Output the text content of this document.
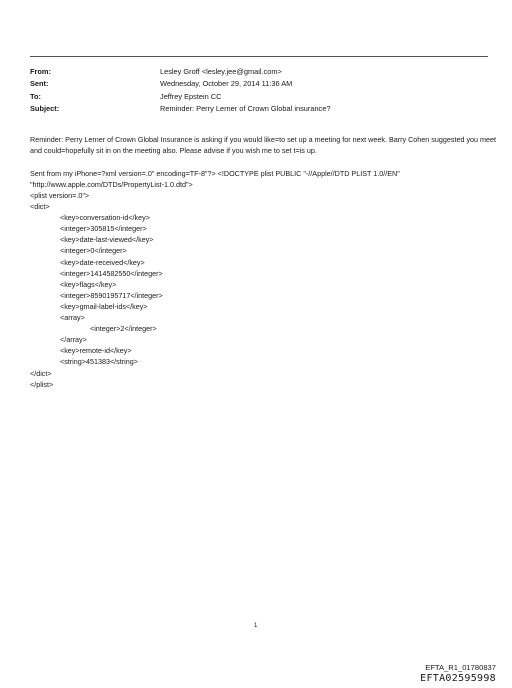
From:	Lesley Groff <lesley.jee@gmail.com>
Sent:	Wednesday, October 29, 2014 11:36 AM
To:	Jeffrey Epstein CC
Subject:	Reminder: Perry Lerner of Crown Global insurance?

Reminder: Perry Lerner of Crown Global Insurance is asking if you would like=to set up a meeting for next week. Barry Cohen suggested you meet and could=hopefully sit in on the meeting also. Please advise if you wish me to set t=is up.

Sent from my iPhone=?xml version=.0" encoding=TF-8"?> <!DOCTYPE plist PUBLIC "-//Apple//DTD PLIST 1.0//EN" "http://www.apple.com/DTDs/PropertyList-1.0.dtd">
<plist version=.0">
<dict>
<key>conversation-id</key>
<integer>305815</integer>
<key>date-last-viewed</key>
<integer>0</integer>
<key>date-received</key>
<integer>1414582550</integer>
<key>flags</key>
<integer>8590195717</integer>
<key>gmail-label-ids</key>
<array>
<integer>2</integer>
</array>
<key>remote-id</key>
<string>451383</string>
</dict>
</plist>
1
EFTA_R1_01780837
EFTA02595998
